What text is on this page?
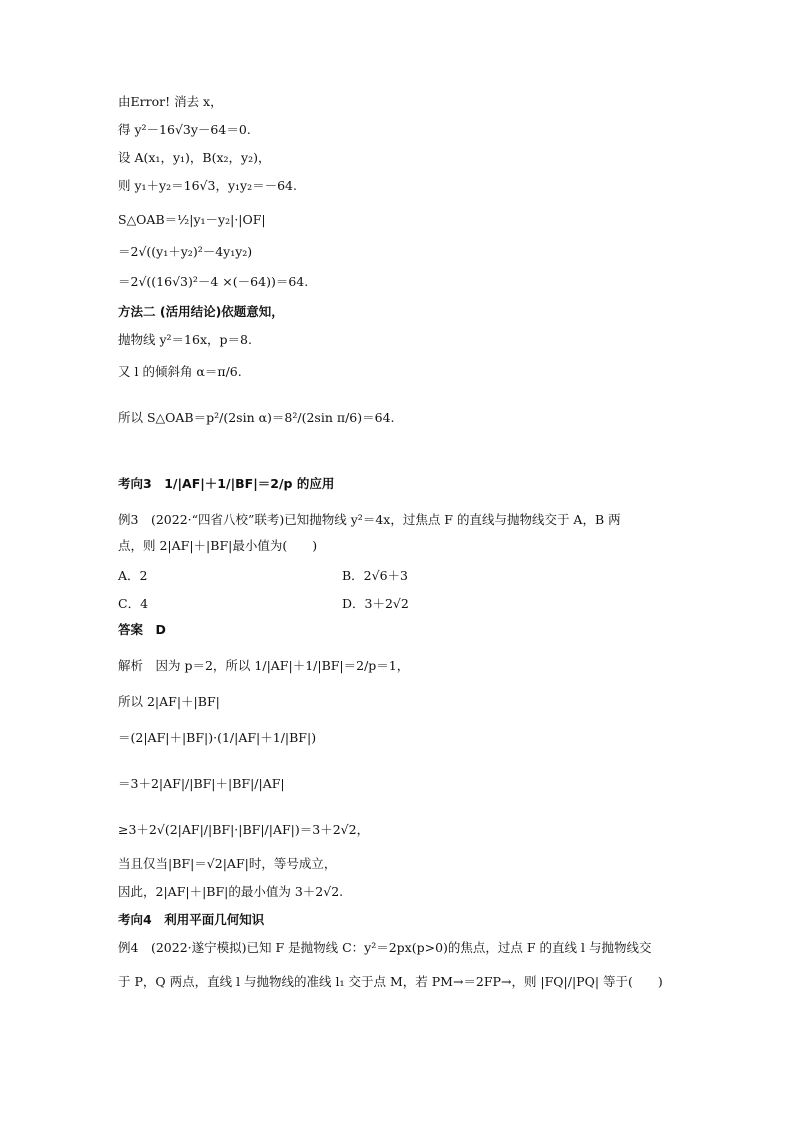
由Error! 消去 x，
得 y²－16√3y－64＝0.
设 A(x₁，y₁)，B(x₂，y₂)，
则 y₁＋y₂＝16√3，y₁y₂＝－64.
S△OAB＝½|y₁－y₂|·|OF|
＝2√((y₁＋y₂)²－4y₁y₂)
＝2√((16√3)²－4 ×(－64))＝64.
方法二 (活用结论)依题意知，
抛物线 y²＝16x，p＝8.
又 l 的倾斜角 α＝π/6.
所以 S△OAB＝p²/(2sin α)＝8²/(2sin π/6)＝64.
考向3　1/|AF|＋1/|BF|＝2/p 的应用
例3　(2022·“四省八校”联考)已知抛物线 y²＝4x，过焦点 F 的直线与抛物线交于 A，B 两
点，则 2|AF|＋|BF|最小值为(　　)
A．2	B．2√6＋3
C．4	D．3＋2√2
答案　D
解析　因为 p＝2，所以 1/|AF|＋1/|BF|＝2/p＝1，
所以 2|AF|＋|BF|
＝(2|AF|＋|BF|)·(1/|AF|＋1/|BF|)
＝3＋2|AF|/|BF|＋|BF|/|AF|
≥3＋2√(2|AF|/|BF|·|BF|/|AF|)＝3＋2√2，
当且仅当|BF|＝√2|AF|时，等号成立，
因此，2|AF|＋|BF|的最小值为 3＋2√2.
考向4　利用平面几何知识
例4　(2022·遂宁模拟)已知 F 是抛物线 C：y²＝2px(p>0)的焦点，过点 F 的直线 l 与抛物线交
于 P，Q 两点，直线 l 与抛物线的准线 l₁ 交于点 M，若 PM→＝2FP→，则 |FQ|/|PQ| 等于(　　)
